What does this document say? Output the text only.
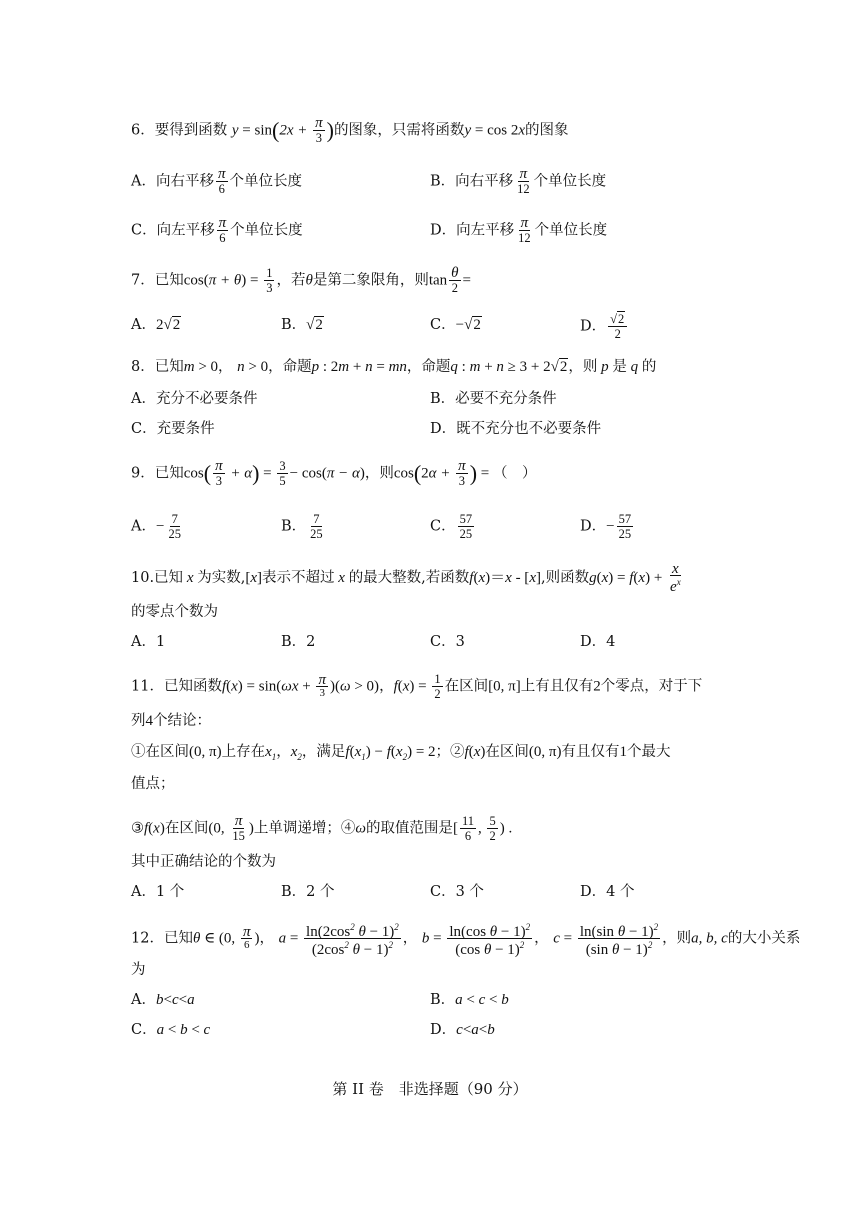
6．要得到函数 $y = \sin(2x + \frac{\pi}{3}$ )的图象，只需将函数y = cos 2x的图象
A．向右平移 $\frac{\pi}{6}$ 个单位长度	B．向右平移 $\frac{\pi}{12}$ 个单位长度
C．向左平移 $\frac{\pi}{6}$ 个单位长度	D．向左平移 $\frac{\pi}{12}$ 个单位长度
7．已知$\cos(\pi + \theta) = \frac{1}{3}$ ，若θ是第二象限角，则$\tan \frac{\theta}{2}$ =
A．2√2	B．√2	C．−√2	D． $\frac{√2}{2}$
8．已知m > 0， n > 0，命题p : 2m + n = mn，命题q : m + n ≥ 3 + 2√2，则 p 是 q 的
A．充分不必要条件	B．必要不充分条件
C．充要条件	D．既不充分也不必要条件
9．已知$\cos( \frac{\pi}{3} + \alpha) = \frac{3}{5} - \cos(\pi - \alpha)$，则$\cos(2\alpha + \frac{\pi}{3}$ ) = （　）
A．− $\frac{7}{25}$	B． $\frac{7}{25}$	C． $\frac{57}{25}$	D．− $\frac{57}{25}$
10.已知 x 为实数,[x]表示不超过 x 的最大整数,若函数f(x)＝x - [x],则函数$g(x) = f(x) + \frac{x}{e^x}$
的零点个数为
A．1	B．2	C．3	D．4
11．已知函数$f(x) = \sin(\omega x + \frac{\pi}{3} )(\omega > 0)$，$f(x) = \frac{1}{2}$ 在区间[0, π]上有且仅有2个零点，对于下
列4个结论：
①在区间(0, π)上存在$x_1$，$x_2$，满足$f(x_1) - f(x_2) = 2$；②f(x)在区间(0, π)有且仅有1个最大
值点；
③f(x)在区间(0, $\frac{\pi}{15}$ )上单调递增；④ω的取值范围是[ $\frac{11}{6}$ , $\frac{5}{2}$ ) .
其中正确结论的个数为
A．1 个	B．2 个	C．3 个	D．4 个
12．已知θ ∈ (0, $\frac{\pi}{6}$ )， $a = \frac{\ln(2\cos^2 \theta - 1)^2}{(2\cos^2 \theta - 1)^2}$ ， $b = \frac{\ln(\cos \theta - 1)^2}{(\cos \theta - 1)^2}$ ， $c = \frac{\ln(\sin \theta - 1)^2}{(\sin \theta - 1)^2}$ ，则a, b, c的大小关系
为
A．b<c<a	B．a < c < b
C．a < b < c	D．c<a<b
第 II 卷　非选择题（90 分）
